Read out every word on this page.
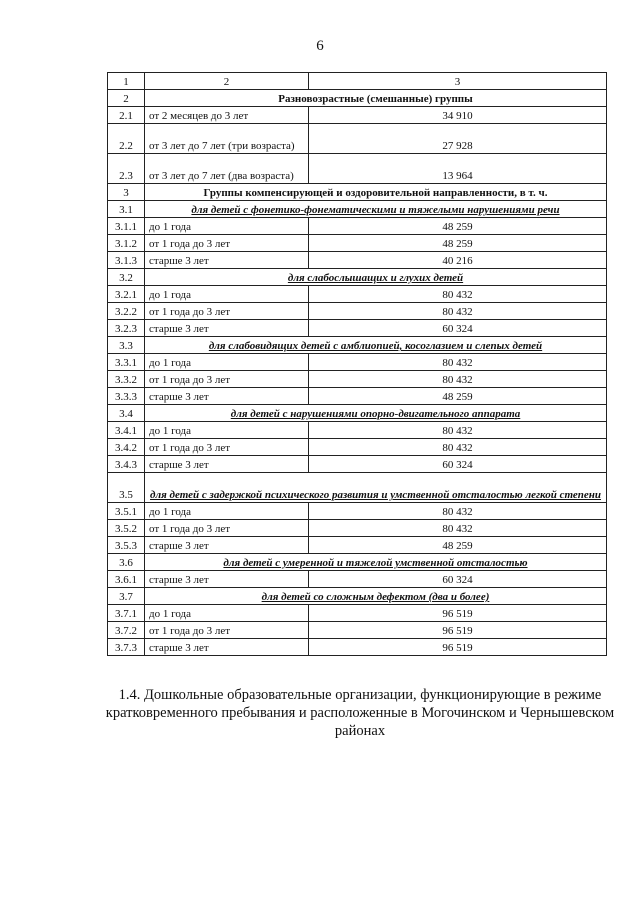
6
1	2	3
2	Разновозрастные (смешанные) группы	
2.1	от 2 месяцев до 3 лет	34 910
2.2	от 3 лет до 7 лет (три возраста)	27 928
2.3	от 3 лет до 7 лет (два возраста)	13 964
3	Группы компенсирующей и оздоровительной направленности, в т. ч.	
3.1	для детей с фонетико-фонематическими и тяжелыми нарушениями речи	
3.1.1	до 1 года	48 259
3.1.2	от 1 года до 3 лет	48 259
3.1.3	старше 3 лет	40 216
3.2	для слабослышащих и глухих детей	
3.2.1	до 1 года	80 432
3.2.2	от 1 года до 3 лет	80 432
3.2.3	старше 3 лет	60 324
3.3	для слабовидящих детей с амблиопией, косоглазием и слепых детей	
3.3.1	до 1 года	80 432
3.3.2	от 1 года до 3 лет	80 432
3.3.3	старше 3 лет	48 259
3.4	для детей с нарушениями опорно-двигательного аппарата	
3.4.1	до 1 года	80 432
3.4.2	от 1 года до 3 лет	80 432
3.4.3	старше 3 лет	60 324
3.5	для детей с задержкой психического развития и умственной отсталостью легкой степени	
3.5.1	до 1 года	80 432
3.5.2	от 1 года до 3 лет	80 432
3.5.3	старше 3 лет	48 259
3.6	для детей с умеренной и тяжелой умственной отсталостью	
3.6.1	старше 3 лет	60 324
3.7	для детей со сложным дефектом (два и более)	
3.7.1	до 1 года	96 519
3.7.2	от 1 года до 3 лет	96 519
3.7.3	старше 3 лет	96 519
1.4. Дошкольные образовательные организации, функционирующие в режиме кратковременного пребывания и расположенные в Могочинском и Чернышевском районах
